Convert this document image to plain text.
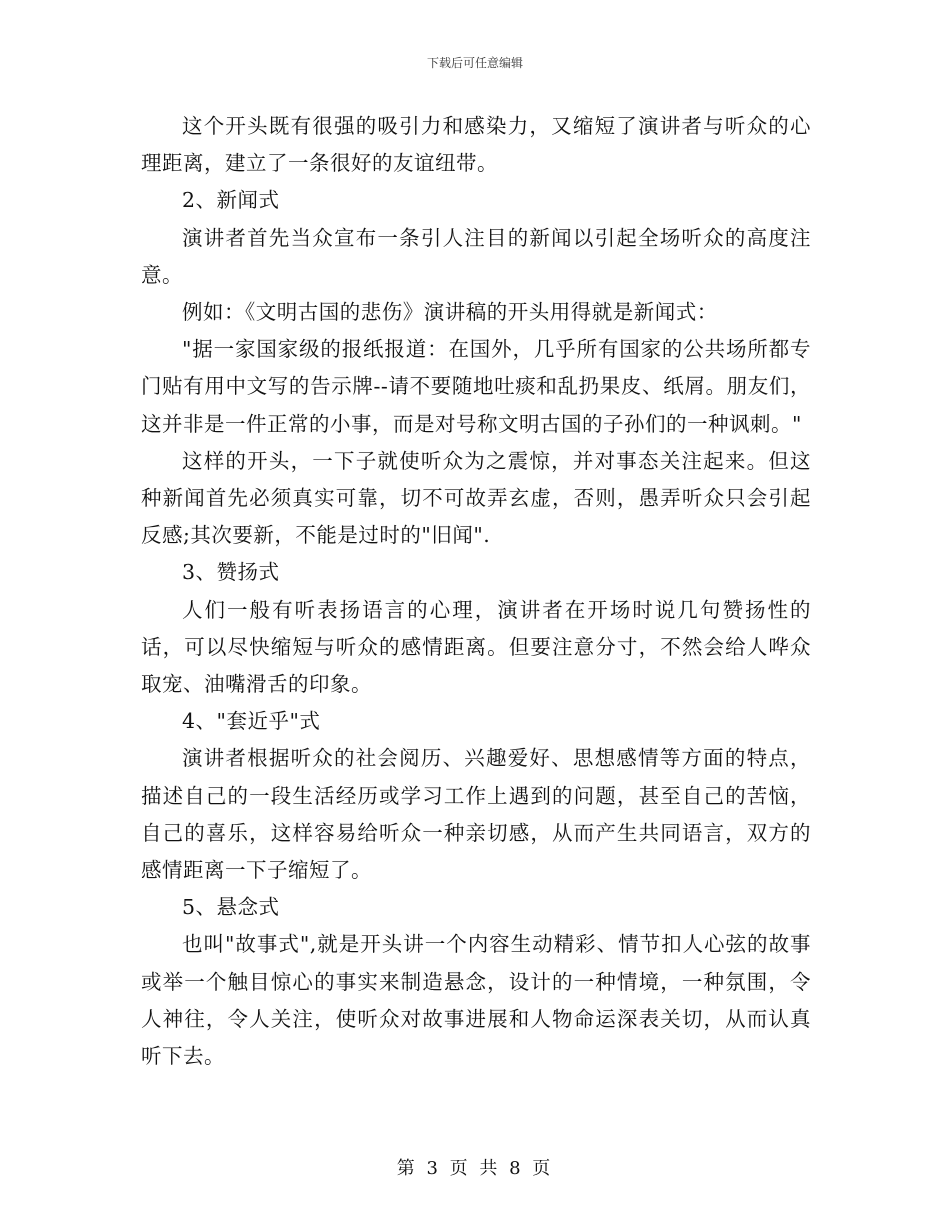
下载后可任意编辑

这个开头既有很强的吸引力和感染力，又缩短了演讲者与听众的心理距离，建立了一条很好的友谊纽带。

2、新闻式

演讲者首先当众宣布一条引人注目的新闻以引起全场听众的高度注意。

例如：《文明古国的悲伤》演讲稿的开头用得就是新闻式：

"据一家国家级的报纸报道：在国外，几乎所有国家的公共场所都专门贴有用中文写的告示牌--请不要随地吐痰和乱扔果皮、纸屑。朋友们，这并非是一件正常的小事，而是对号称文明古国的子孙们的一种讽刺。"

这样的开头，一下子就使听众为之震惊，并对事态关注起来。但这种新闻首先必须真实可靠，切不可故弄玄虚，否则，愚弄听众只会引起反感;其次要新，不能是过时的"旧闻".

3、赞扬式

人们一般有听表扬语言的心理，演讲者在开场时说几句赞扬性的话，可以尽快缩短与听众的感情距离。但要注意分寸，不然会给人哗众取宠、油嘴滑舌的印象。

4、"套近乎"式

演讲者根据听众的社会阅历、兴趣爱好、思想感情等方面的特点，描述自己的一段生活经历或学习工作上遇到的问题，甚至自己的苦恼，自己的喜乐，这样容易给听众一种亲切感，从而产生共同语言，双方的感情距离一下子缩短了。

5、悬念式

也叫"故事式",就是开头讲一个内容生动精彩、情节扣人心弦的故事或举一个触目惊心的事实来制造悬念，设计的一种情境，一种氛围，令人神往，令人关注，使听众对故事进展和人物命运深表关切，从而认真听下去。

第 3 页 共 8 页
